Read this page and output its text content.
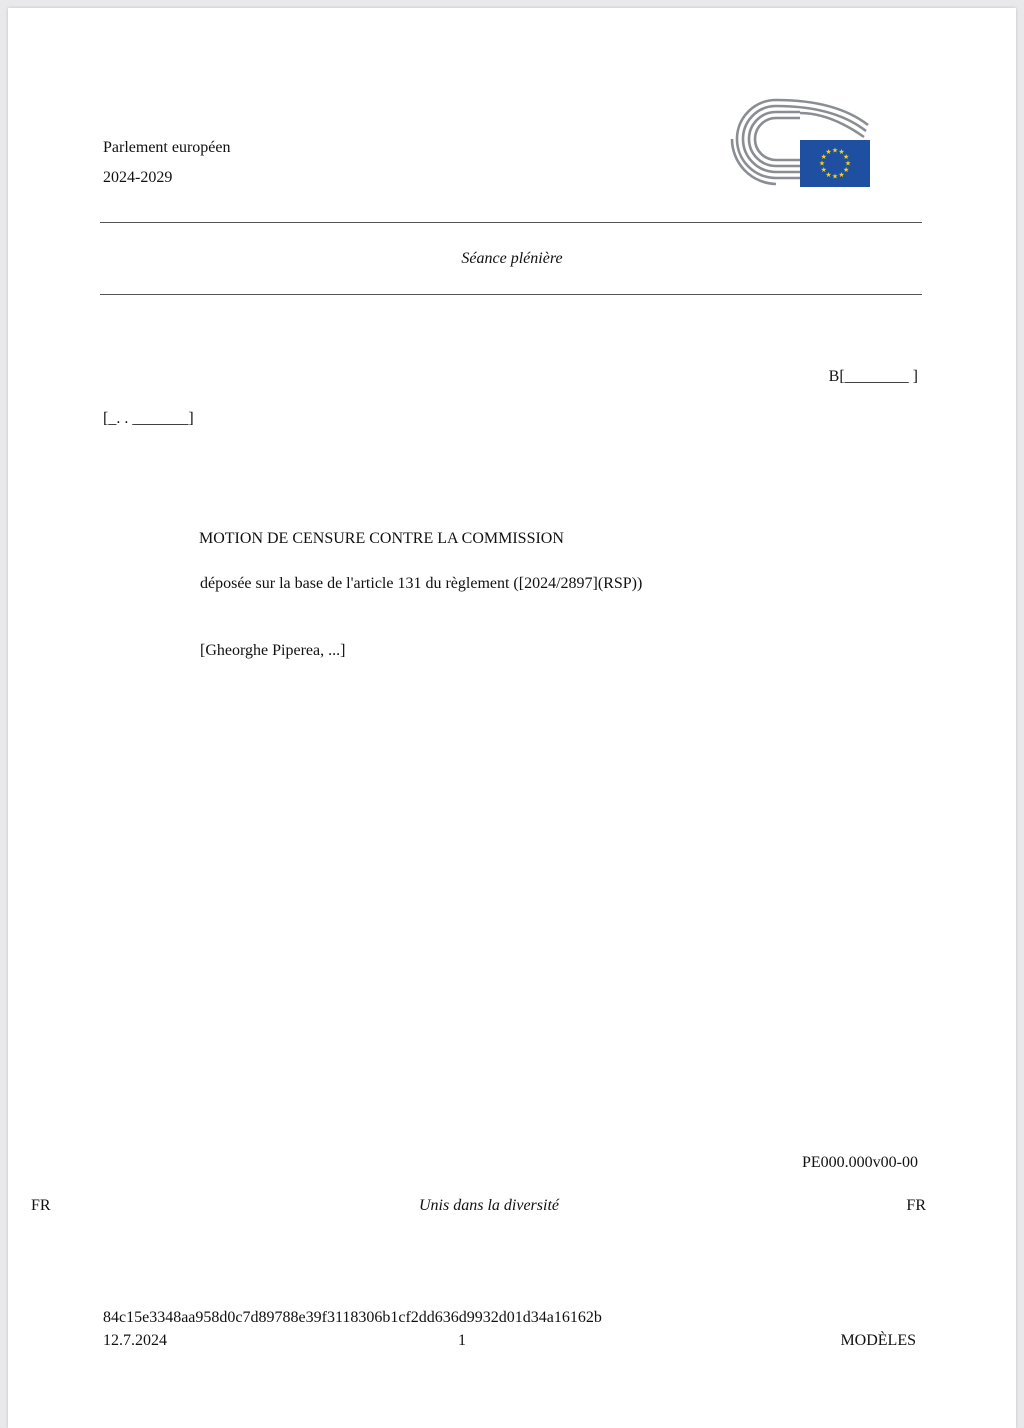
Parlement européen
2024-2029
★ ★
★
★
★
★
★
★
★
★
★
★
Séance plénière
B[________ ]
[_. . _______]
MOTION DE CENSURE CONTRE LA COMMISSION
déposée sur la base de l'article 131 du règlement ([2024/2897](RSP))
[Gheorghe Piperea, ...]
PE000.000v00-00
FR	Unis dans la diversité	FR
84c15e3348aa958d0c7d89788e39f3118306b1cf2dd636d9932d01d34a16162b
12.7.2024	1	MODÈLES
